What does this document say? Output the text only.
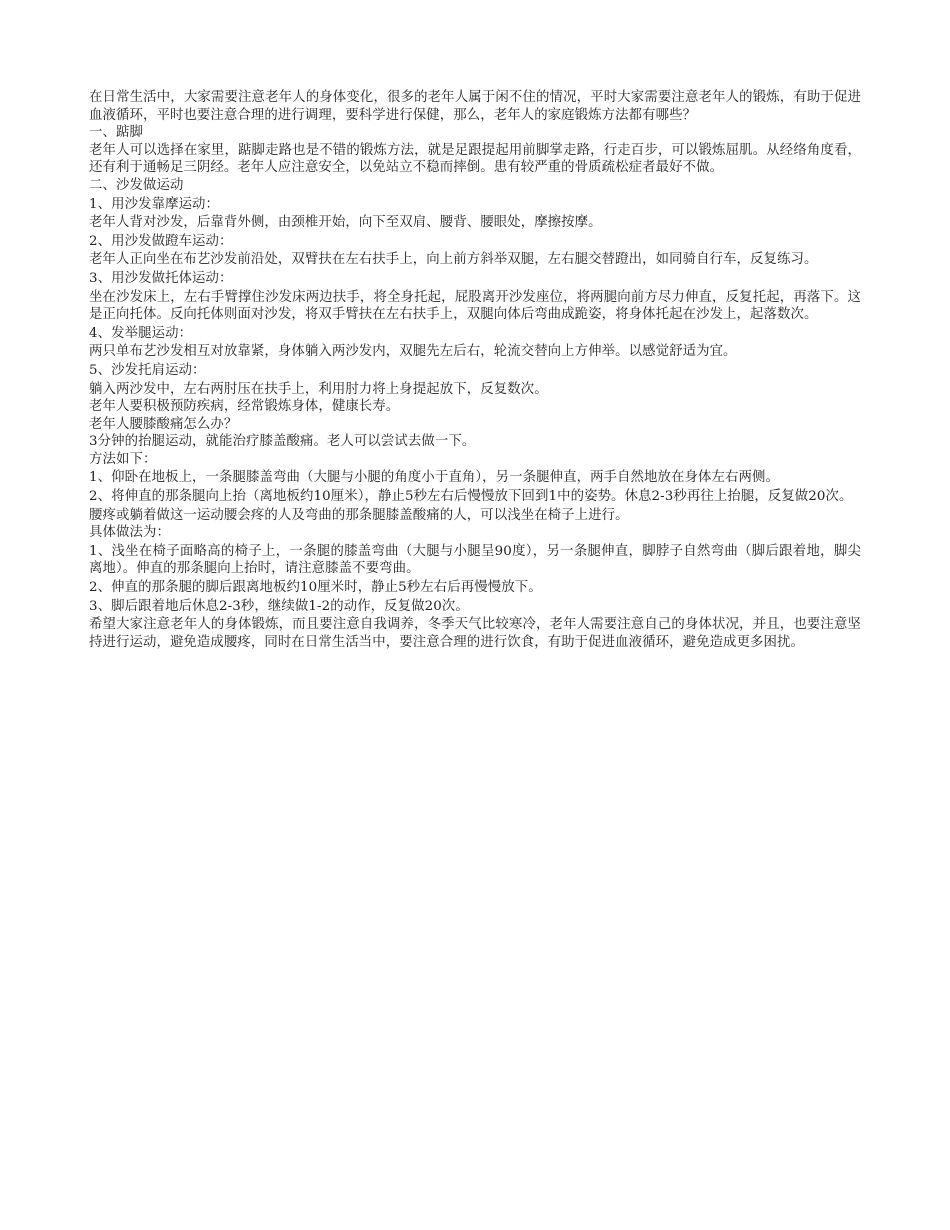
在日常生活中，大家需要注意老年人的身体变化，很多的老年人属于闲不住的情况，平时大家需要注意老年人的锻炼，有助于促进血液循环，平时也要注意合理的进行调理，要科学进行保健，那么，老年人的家庭锻炼方法都有哪些？

一、踮脚

老年人可以选择在家里，踮脚走路也是不错的锻炼方法，就是足跟提起用前脚掌走路，行走百步，可以锻炼屈肌。从经络角度看，还有利于通畅足三阴经。老年人应注意安全，以免站立不稳而摔倒。患有较严重的骨质疏松症者最好不做。

二、沙发做运动

1、用沙发靠摩运动：

老年人背对沙发，后靠背外侧，由颈椎开始，向下至双肩、腰背、腰眼处，摩擦按摩。

2、用沙发做蹬车运动：

老年人正向坐在布艺沙发前沿处，双臂扶在左右扶手上，向上前方斜举双腿，左右腿交替蹬出，如同骑自行车，反复练习。

3、用沙发做托体运动：

坐在沙发床上，左右手臂撑住沙发床两边扶手，将全身托起，屁股离开沙发座位，将两腿向前方尽力伸直，反复托起，再落下。这是正向托体。反向托体则面对沙发，将双手臂扶在左右扶手上，双腿向体后弯曲成跪姿，将身体托起在沙发上，起落数次。

4、发举腿运动：

两只单布艺沙发相互对放靠紧，身体躺入两沙发内，双腿先左后右，轮流交替向上方伸举。以感觉舒适为宜。

5、沙发托肩运动：

躺入两沙发中，左右两肘压在扶手上，利用肘力将上身提起放下，反复数次。

老年人要积极预防疾病，经常锻炼身体，健康长寿。

老年人腰膝酸痛怎么办？

3分钟的抬腿运动，就能治疗膝盖酸痛。老人可以尝试去做一下。

方法如下：

1、仰卧在地板上，一条腿膝盖弯曲（大腿与小腿的角度小于直角），另一条腿伸直，两手自然地放在身体左右两侧。

2、将伸直的那条腿向上抬（离地板约10厘米），静止5秒左右后慢慢放下回到1中的姿势。休息2-3秒再往上抬腿，反复做20次。

腰疼或躺着做这一运动腰会疼的人及弯曲的那条腿膝盖酸痛的人，可以浅坐在椅子上进行。

具体做法为：

1、浅坐在椅子面略高的椅子上，一条腿的膝盖弯曲（大腿与小腿呈90度），另一条腿伸直，脚脖子自然弯曲（脚后跟着地，脚尖离地）。伸直的那条腿向上抬时，请注意膝盖不要弯曲。

2、伸直的那条腿的脚后跟离地板约10厘米时，静止5秒左右后再慢慢放下。

3、脚后跟着地后休息2-3秒，继续做1-2的动作，反复做20次。

希望大家注意老年人的身体锻炼，而且要注意自我调养，冬季天气比较寒冷，老年人需要注意自己的身体状况，并且，也要注意坚持进行运动，避免造成腰疼，同时在日常生活当中，要注意合理的进行饮食，有助于促进血液循环，避免造成更多困扰。
